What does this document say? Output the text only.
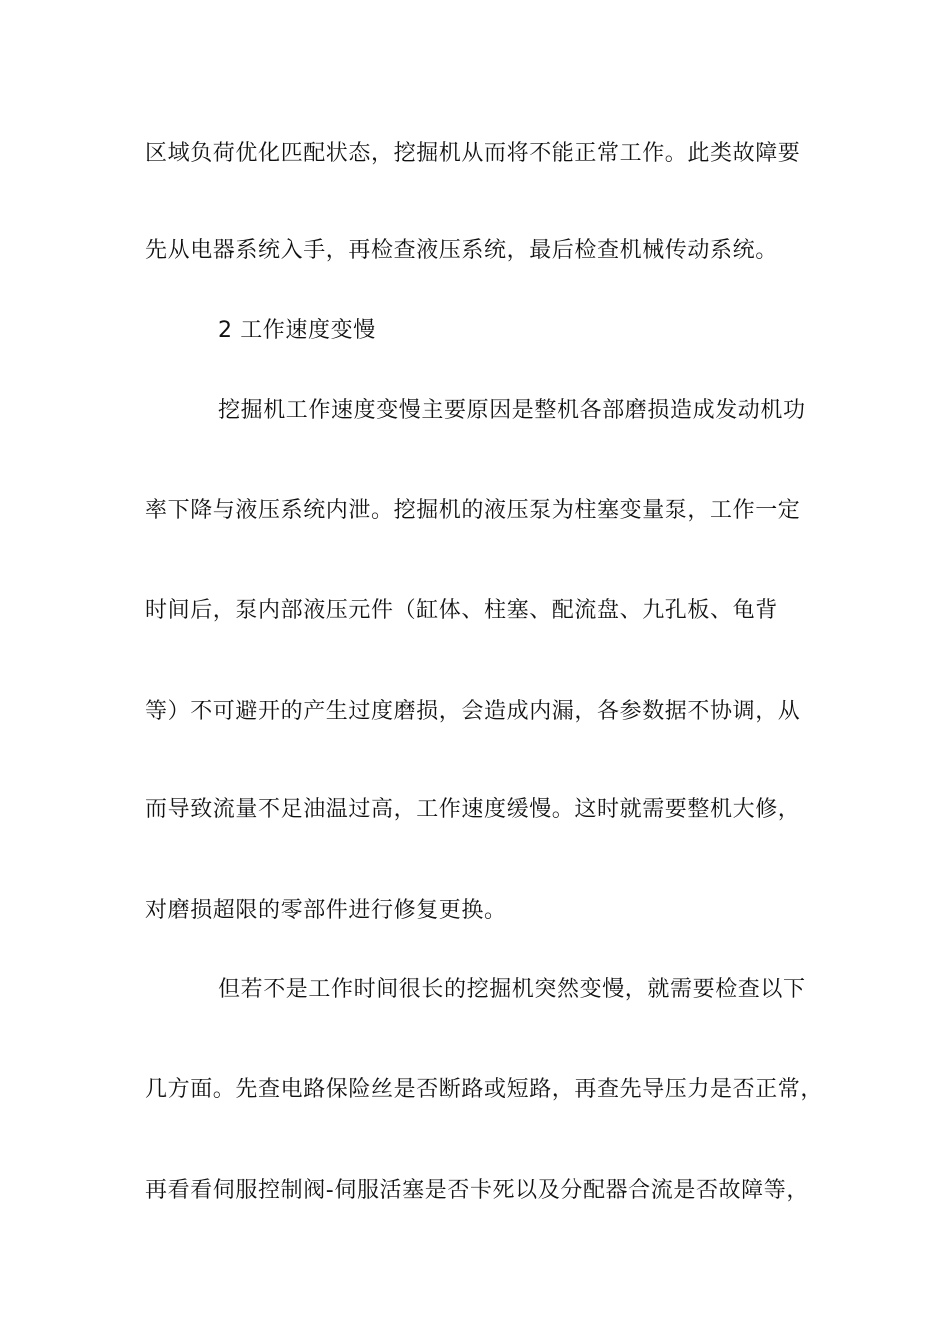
区域负荷优化匹配状态，挖掘机从而将不能正常工作。此类故障要
先从电器系统入手，再检查液压系统，最后检查机械传动系统。
2 工作速度变慢
挖掘机工作速度变慢主要原因是整机各部磨损造成发动机功
率下降与液压系统内泄。挖掘机的液压泵为柱塞变量泵，工作一定
时间后，泵内部液压元件（缸体、柱塞、配流盘、九孔板、龟背
等）不可避开的产生过度磨损，会造成内漏，各参数据不协调，从
而导致流量不足油温过高，工作速度缓慢。这时就需要整机大修，
对磨损超限的零部件进行修复更换。
但若不是工作时间很长的挖掘机突然变慢，就需要检查以下
几方面。先查电路保险丝是否断路或短路，再查先导压力是否正常，
再看看伺服控制阀-伺服活塞是否卡死以及分配器合流是否故障等，
